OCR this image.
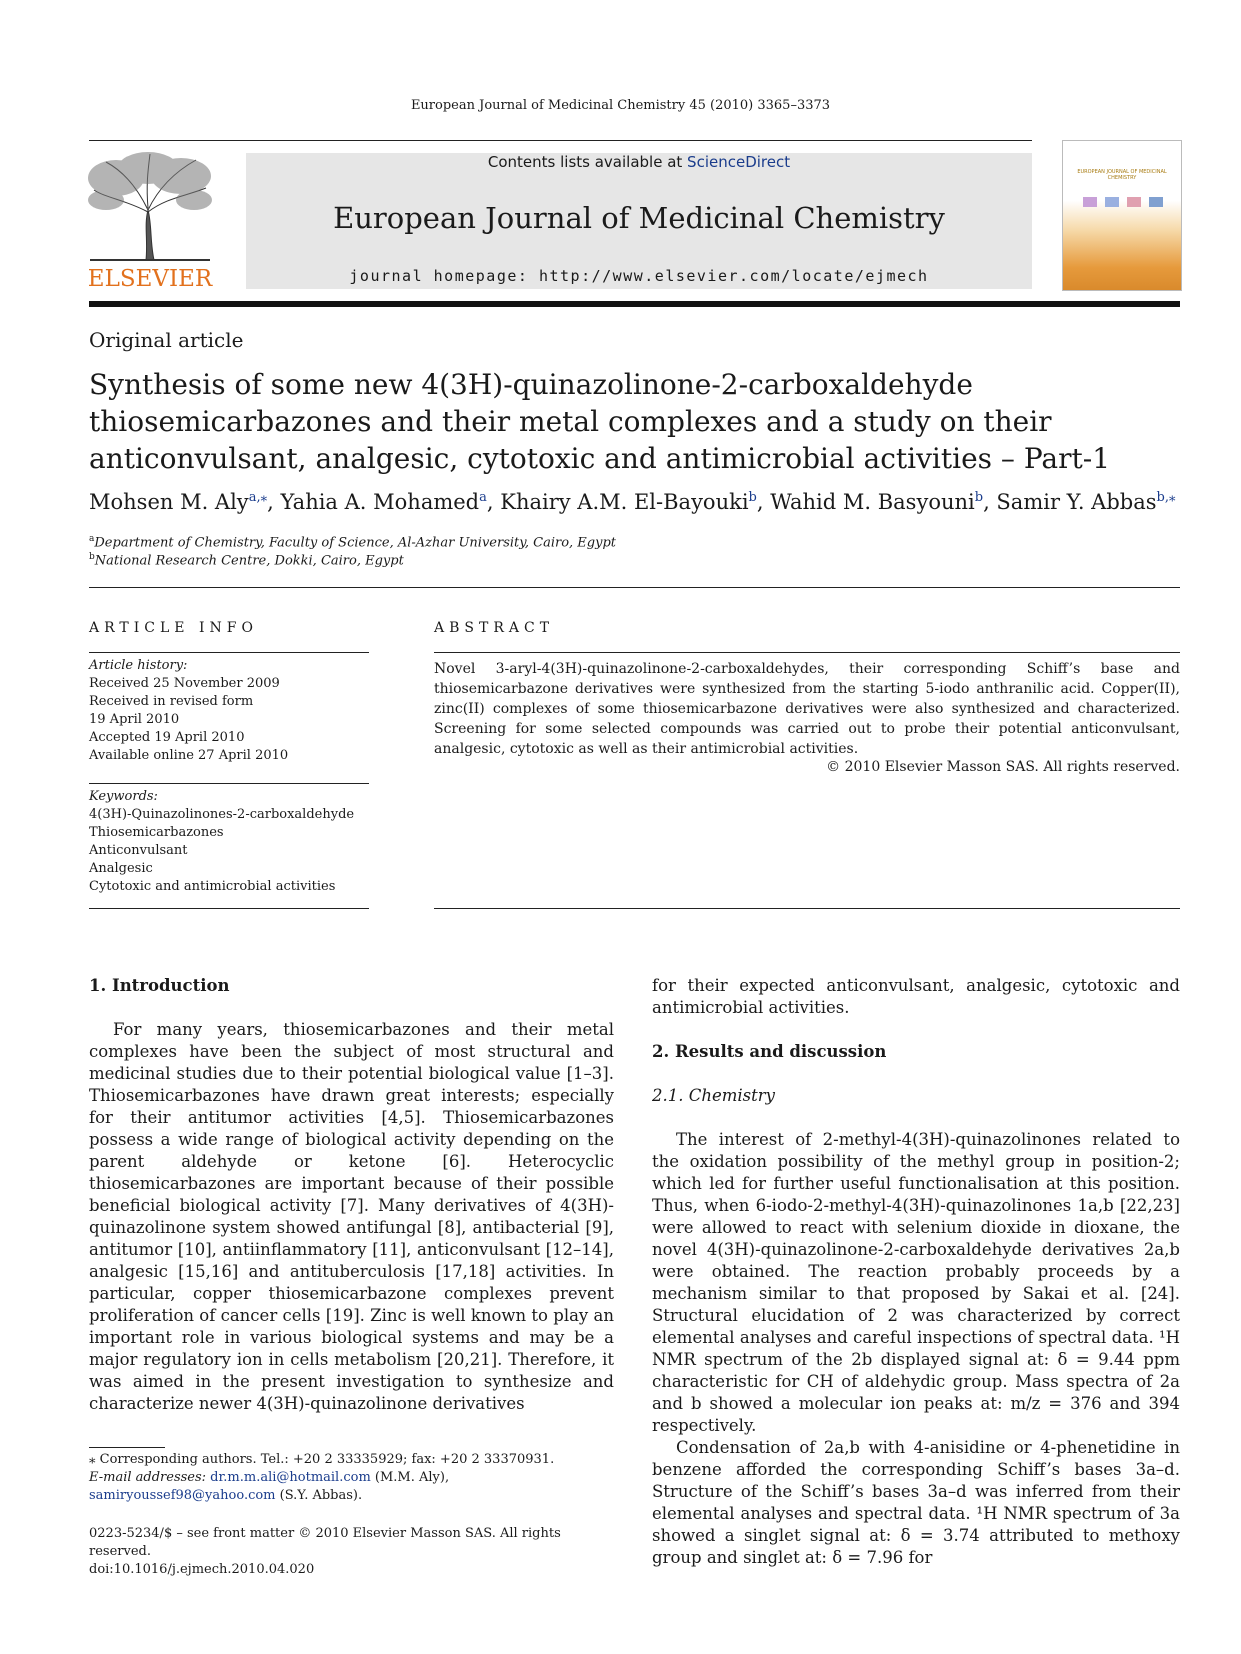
European Journal of Medicinal Chemistry 45 (2010) 3365–3373
ELSEVIER
Contents lists available at ScienceDirect
European Journal of Medicinal Chemistry
journal homepage: http://www.elsevier.com/locate/ejmech
EUROPEAN JOURNAL OF MEDICINAL CHEMISTRY
Original article
Synthesis of some new 4(3H)-quinazolinone-2-carboxaldehyde
thiosemicarbazones and their metal complexes and a study on their
anticonvulsant, analgesic, cytotoxic and antimicrobial activities – Part-1
Mohsen M. Aly$^{a,⁎}$, Yahia A. Mohamed$^a$, Khairy A.M. El-Bayouki$^b$, Wahid M. Basyouni$^b$, Samir Y. Abbas$^{b,⁎}$
$^a$Department of Chemistry, Faculty of Science, Al-Azhar University, Cairo, Egypt
$^b$National Research Centre, Dokki, Cairo, Egypt
ARTICLE INFO	ABSTRACT
Article history:
Received 25 November 2009
Received in revised form
19 April 2010
Accepted 19 April 2010
Available online 27 April 2010
Keywords:
4(3H)-Quinazolinones-2-carboxaldehyde
Thiosemicarbazones
Anticonvulsant
Analgesic
Cytotoxic and antimicrobial activities
Novel 3-aryl-4(3H)-quinazolinone-2-carboxaldehydes, their corresponding Schiff’s base and thiosemicarbazone derivatives were synthesized from the starting 5-iodo anthranilic acid. Copper(II), zinc(II) complexes of some thiosemicarbazone derivatives were also synthesized and characterized. Screening for some selected compounds was carried out to probe their potential anticonvulsant, analgesic, cytotoxic as well as their antimicrobial activities.
© 2010 Elsevier Masson SAS. All rights reserved.
1. Introduction

For many years, thiosemicarbazones and their metal complexes have been the subject of most structural and medicinal studies due to their potential biological value [1–3]. Thiosemicarbazones have drawn great interests; especially for their antitumor activities [4,5]. Thiosemicarbazones possess a wide range of biological activity depending on the parent aldehyde or ketone [6]. Heterocyclic thiosemicarbazones are important because of their possible beneficial biological activity [7]. Many derivatives of 4(3H)-quinazolinone system showed antifungal [8], antibacterial [9], antitumor [10], antiinflammatory [11], anticonvulsant [12–14], analgesic [15,16] and antituberculosis [17,18] activities. In particular, copper thiosemicarbazone complexes prevent proliferation of cancer cells [19]. Zinc is well known to play an important role in various biological systems and may be a major regulatory ion in cells metabolism [20,21]. Therefore, it was aimed in the present investigation to synthesize and characterize newer 4(3H)-quinazolinone derivatives

for their expected anticonvulsant, analgesic, cytotoxic and antimicrobial activities.
2. Results and discussion
2.1. Chemistry

The interest of 2-methyl-4(3H)-quinazolinones related to the oxidation possibility of the methyl group in position-2; which led for further useful functionalisation at this position. Thus, when 6-iodo-2-methyl-4(3H)-quinazolinones 1a,b [22,23] were allowed to react with selenium dioxide in dioxane, the novel 4(3H)-quinazolinone-2-carboxaldehyde derivatives 2a,b were obtained. The reaction probably proceeds by a mechanism similar to that proposed by Sakai et al. [24]. Structural elucidation of 2 was characterized by correct elemental analyses and careful inspections of spectral data. ¹H NMR spectrum of the 2b displayed signal at: δ = 9.44 ppm characteristic for CH of aldehydic group. Mass spectra of 2a and b showed a molecular ion peaks at: m/z = 376 and 394 respectively.

Condensation of 2a,b with 4-anisidine or 4-phenetidine in benzene afforded the corresponding Schiff’s bases 3a–d. Structure of the Schiff’s bases 3a–d was inferred from their elemental analyses and spectral data. ¹H NMR spectrum of 3a showed a singlet signal at: δ = 3.74 attributed to methoxy group and singlet at: δ = 7.96 for

⁎ Corresponding authors. Tel.: +20 2 33335929; fax: +20 2 33370931.
E-mail addresses: dr.m.m.ali@hotmail.com (M.M. Aly), samiryoussef98@yahoo.com (S.Y. Abbas).
0223-5234/$ – see front matter © 2010 Elsevier Masson SAS. All rights reserved.
doi:10.1016/j.ejmech.2010.04.020
